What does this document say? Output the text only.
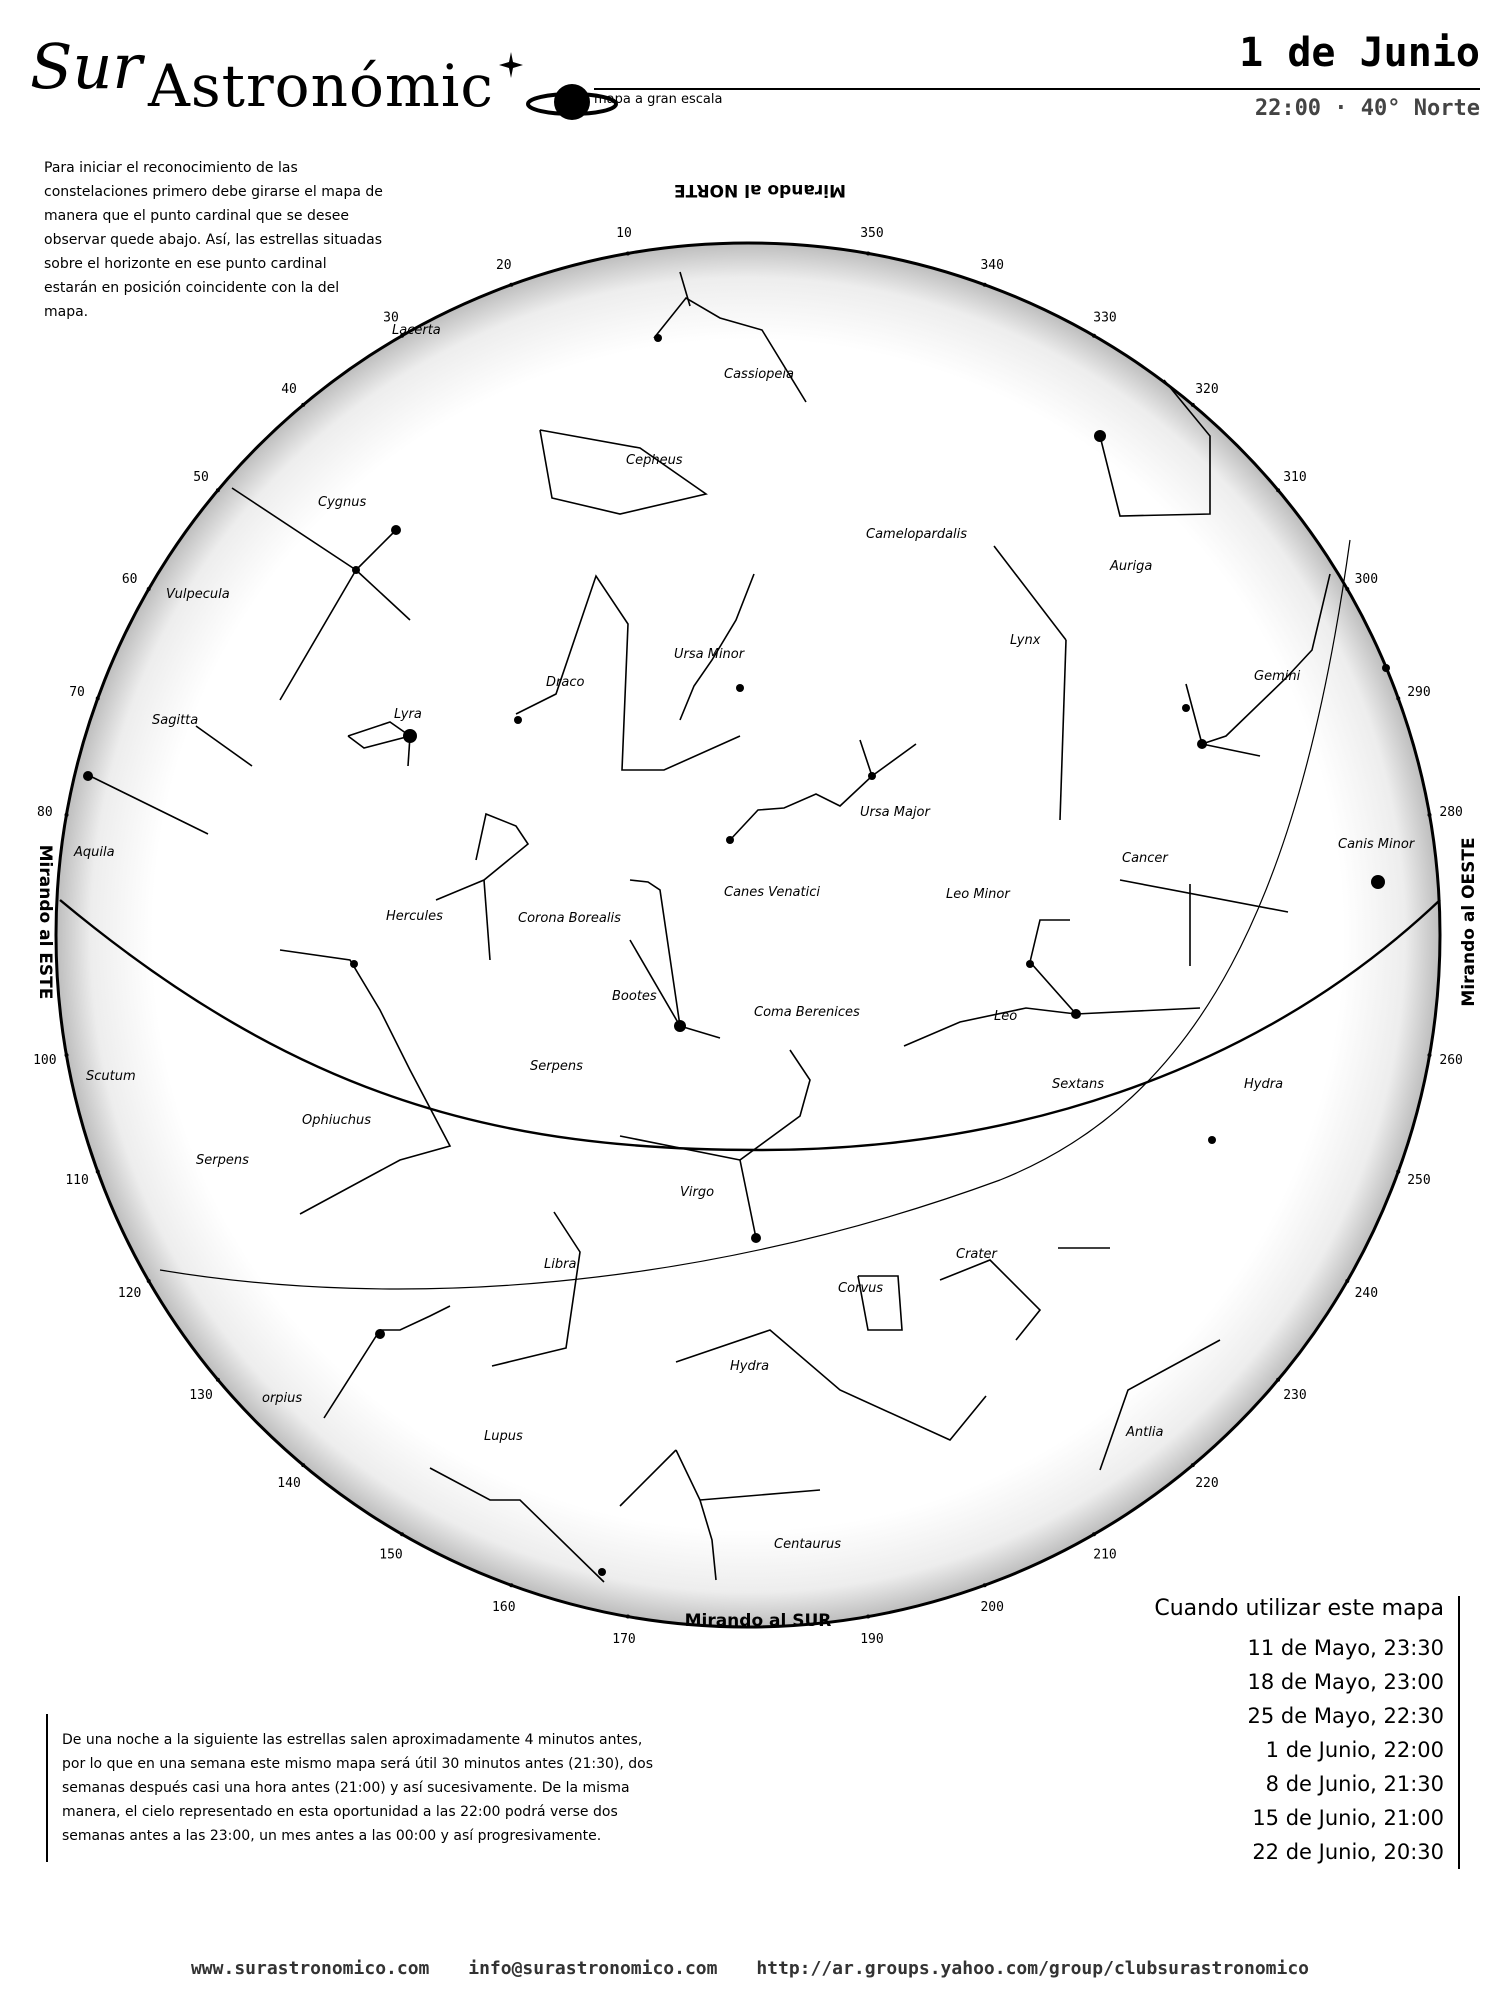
Sur Astronómic	mapa a gran escala
1 de Junio
22:00 · 40° Norte
Para iniciar el reconocimiento de las constelaciones primero debe girarse el mapa de manera que el punto cardinal que se desee observar quede abajo. Así, las estrellas situadas sobre el horizonte en ese punto cardinal estarán en posición coincidente con la del mapa.
10
20
30
40
50
60
70
80
100
110
120
130
140
150
160
170	190
200
210
220
230
240
250
260
280
290
300
310
320
330
340
350
Cassiopeia
Lacerta
Cepheus
Cygnus
Camelopardalis
Auriga
Vulpecula
Ursa Minor
Lynx
Gemini
Draco
Lyra
Sagitta
Ursa Major
Canis Minor
Aquila	Cancer
Canes Venatici	Leo Minor
Hercules	Corona Borealis
Bootes
Coma Berenices	Leo
Serpens
Sextans	Hydra
Scutum
Ophiuchus
Serpens
Virgo
Crater
Libra
Corvus
Hydra
Lupus	Antlia
Centaurus
orpius
Mirando al NORTE
Mirando al SUR
Mirando al ESTE	Mirando al OESTE
Cuando utilizar este mapa
11 de Mayo, 23:30
18 de Mayo, 23:00
25 de Mayo, 22:30
1 de Junio, 22:00
8 de Junio, 21:30
15 de Junio, 21:00
22 de Junio, 20:30
De una noche a la siguiente las estrellas salen aproximadamente 4 minutos antes, por lo que en una semana este mismo mapa será útil 30 minutos antes (21:30), dos semanas después casi una hora antes (21:00) y así sucesivamente. De la misma manera, el cielo representado en esta oportunidad a las 22:00 podrá verse dos semanas antes a las 23:00, un mes antes a las 00:00 y así progresivamente.
www.surastronomico.com info@surastronomico.com http://ar.groups.yahoo.com/group/clubsurastronomico
